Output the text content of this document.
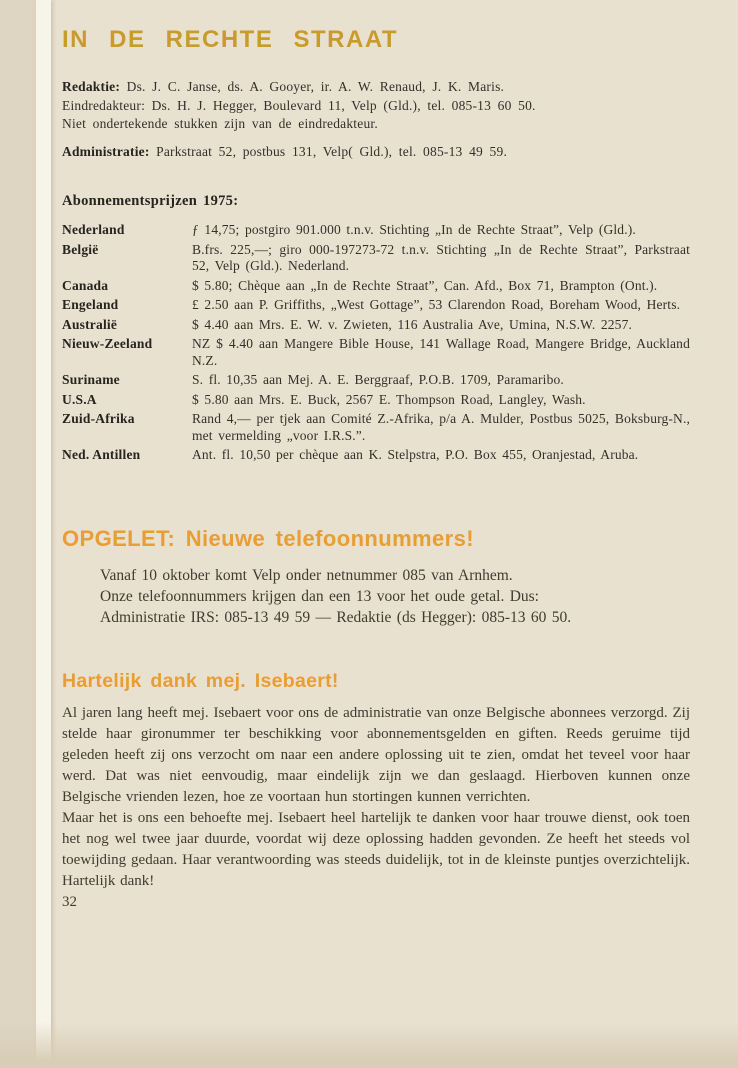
IN DE RECHTE STRAAT

Redaktie: Ds. J. C. Janse, ds. A. Gooyer, ir. A. W. Renaud, J. K. Maris.

Eindredakteur: Ds. H. J. Hegger, Boulevard 11, Velp (Gld.), tel. 085-13 60 50.

Niet ondertekende stukken zijn van de eindredakteur.

Administratie: Parkstraat 52, postbus 131, Velp( Gld.), tel. 085-13 49 59.

Abonnementsprijzen 1975:
Nederland	ƒ 14,75; postgiro 901.000 t.n.v. Stichting „In de Rechte Straat”, Velp (Gld.).
België	B.frs. 225,—; giro 000-197273-72 t.n.v. Stichting „In de Rechte Straat”, Parkstraat 52, Velp (Gld.). Nederland.
Canada	$ 5.80; Chèque aan „In de Rechte Straat”, Can. Afd., Box 71, Brampton (Ont.).
Engeland	£ 2.50 aan P. Griffiths, „West Gottage”, 53 Clarendon Road, Boreham Wood, Herts.
Australië	$ 4.40 aan Mrs. E. W. v. Zwieten, 116 Australia Ave, Umina, N.S.W. 2257.
Nieuw-Zeeland	NZ $ 4.40 aan Mangere Bible House, 141 Wallage Road, Mangere Bridge, Auckland N.Z.
Suriname	S. fl. 10,35 aan Mej. A. E. Berggraaf, P.O.B. 1709, Paramaribo.
U.S.A	$ 5.80 aan Mrs. E. Buck, 2567 E. Thompson Road, Langley, Wash.
Zuid-Afrika	Rand 4,— per tjek aan Comité Z.-Afrika, p/a A. Mulder, Postbus 5025, Boksburg-N., met vermelding „voor I.R.S.”.
Ned. Antillen	Ant. fl. 10,50 per chèque aan K. Stelpstra, P.O. Box 455, Oranjestad, Aruba.
OPGELET: Nieuwe telefoonnummers!

Vanaf 10 oktober komt Velp onder netnummer 085 van Arnhem.

Onze telefoonnummers krijgen dan een 13 voor het oude getal. Dus:

Administratie IRS: 085-13 49 59 — Redaktie (ds Hegger): 085-13 60 50.

Hartelijk dank mej. Isebaert!

Al jaren lang heeft mej. Isebaert voor ons de administratie van onze Belgische abonnees verzorgd. Zij stelde haar gironummer ter beschikking voor abonnementsgelden en giften. Reeds geruime tijd geleden heeft zij ons verzocht om naar een andere oplossing uit te zien, omdat het teveel voor haar werd. Dat was niet eenvoudig, maar eindelijk zijn we dan geslaagd. Hierboven kunnen onze Belgische vrienden lezen, hoe ze voortaan hun stortingen kunnen verrichten.

Maar het is ons een behoefte mej. Isebaert heel hartelijk te danken voor haar trouwe dienst, ook toen het nog wel twee jaar duurde, voordat wij deze oplossing hadden gevonden. Ze heeft het steeds vol toewijding gedaan. Haar verantwoording was steeds duidelijk, tot in de kleinste puntjes overzichtelijk. Hartelijk dank!

32
